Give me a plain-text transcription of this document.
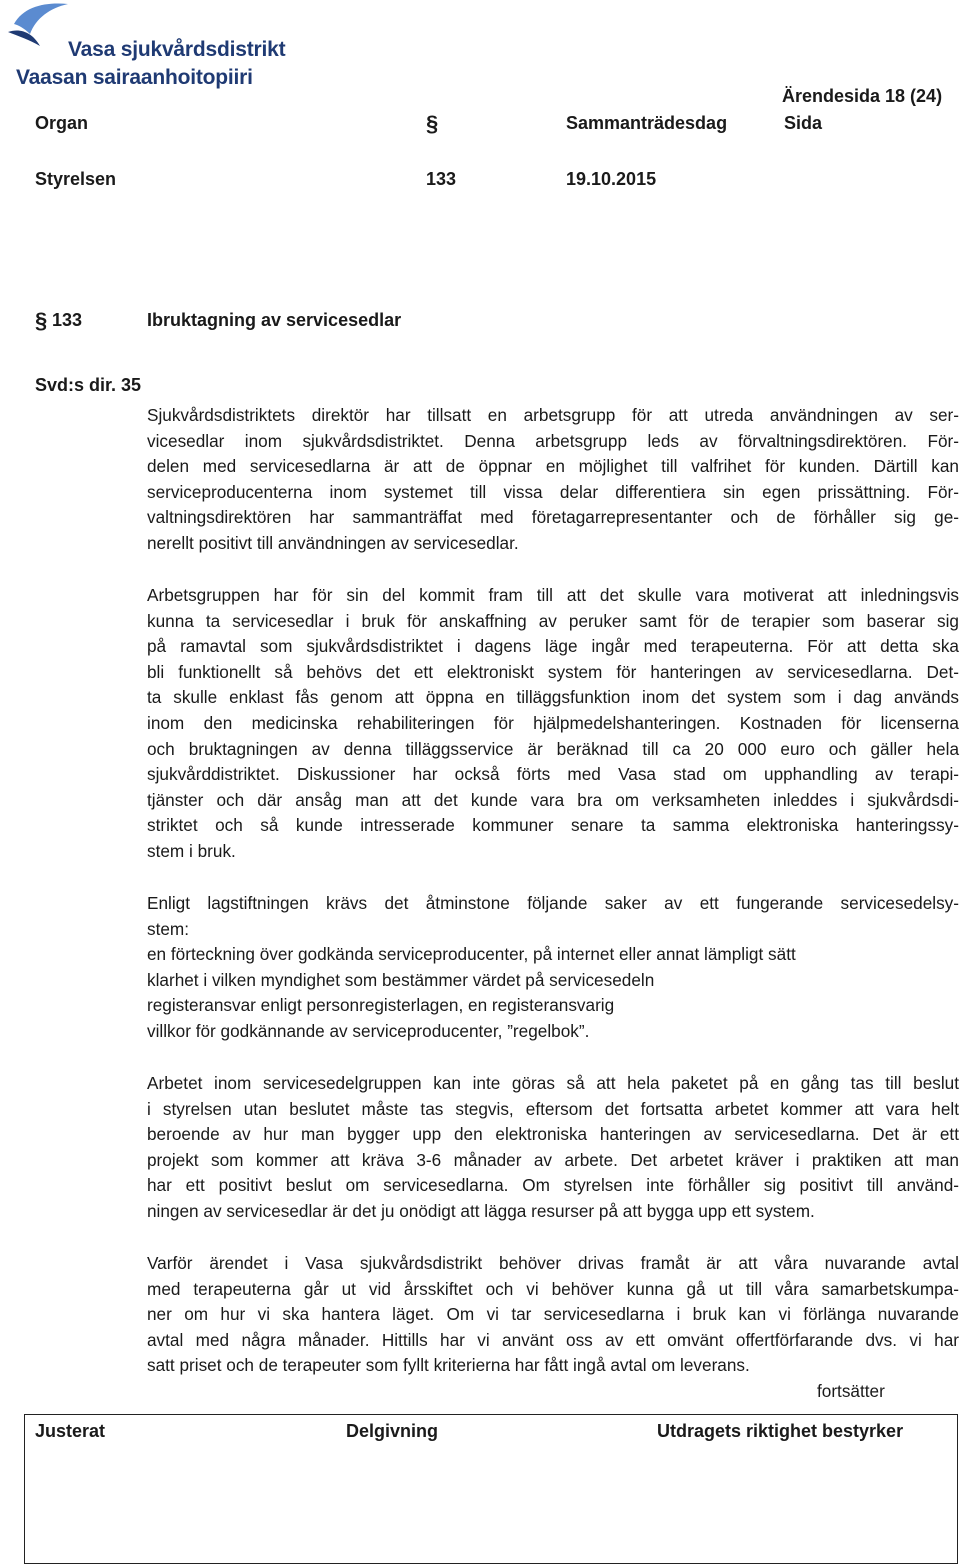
Vasa sjukvårdsdistrikt
Vaasan sairaanhoitopiiri
Ärendesida 18 (24)
Organ	§	Sammanträdesdag	Sida
Styrelsen	133	19.10.2015
§ 133	Ibruktagning av servicesedlar
Svd:s dir. 35
Sjukvårdsdistriktets direktör har tillsatt en arbetsgrupp för att utreda användningen av ser-
vicesedlar inom sjukvårdsdistriktet. Denna arbetsgrupp leds av förvaltningsdirektören. För-
delen med servicesedlarna är att de öppnar en möjlighet till valfrihet för kunden. Därtill kan
serviceproducenterna inom systemet till vissa delar differentiera sin egen prissättning. För-
valtningsdirektören har sammanträffat med företagarrepresentanter och de förhåller sig ge-
nerellt positivt till användningen av servicesedlar.
Arbetsgruppen har för sin del kommit fram till att det skulle vara motiverat att inledningsvis
kunna ta servicesedlar i bruk för anskaffning av peruker samt för de terapier som baserar sig
på ramavtal som sjukvårdsdistriktet i dagens läge ingår med terapeuterna. För att detta ska
bli funktionellt så behövs det ett elektroniskt system för hanteringen av servicesedlarna. Det-
ta skulle enklast fås genom att öppna en tilläggsfunktion inom det system som i dag används
inom den medicinska rehabiliteringen för hjälpmedelshanteringen. Kostnaden för licenserna
och bruktagningen av denna tilläggsservice är beräknad till ca 20 000 euro och gäller hela
sjukvårddistriktet. Diskussioner har också förts med Vasa stad om upphandling av terapi-
tjänster och där ansåg man att det kunde vara bra om verksamheten inleddes i sjukvårdsdi-
striktet och så kunde intresserade kommuner senare ta samma elektroniska hanteringssy-
stem i bruk.
Enligt lagstiftningen krävs det åtminstone följande saker av ett fungerande servicesedelsy-
stem:
en förteckning över godkända serviceproducenter, på internet eller annat lämpligt sätt
klarhet i vilken myndighet som bestämmer värdet på servicesedeln
registeransvar enligt personregisterlagen, en registeransvarig
villkor för godkännande av serviceproducenter, ”regelbok”.
Arbetet inom servicesedelgruppen kan inte göras så att hela paketet på en gång tas till beslut
i styrelsen utan beslutet måste tas stegvis, eftersom det fortsatta arbetet kommer att vara helt
beroende av hur man bygger upp den elektroniska hanteringen av servicesedlarna. Det är ett
projekt som kommer att kräva 3-6 månader av arbete. Det arbetet kräver i praktiken att man
har ett positivt beslut om servicesedlarna. Om styrelsen inte förhåller sig positivt till använd-
ningen av servicesedlar är det ju onödigt att lägga resurser på att bygga upp ett system.
Varför ärendet i Vasa sjukvårdsdistrikt behöver drivas framåt är att våra nuvarande avtal
med terapeuterna går ut vid årsskiftet och vi behöver kunna gå ut till våra samarbetskumpa-
ner om hur vi ska hantera läget. Om vi tar servicesedlarna i bruk kan vi förlänga nuvarande
avtal med några månader. Hittills har vi använt oss av ett omvänt offertförfarande dvs. vi har
satt priset och de terapeuter som fyllt kriterierna har fått ingå avtal om leverans.
fortsätter
Justerat	Delgivning	Utdragets riktighet bestyrker
